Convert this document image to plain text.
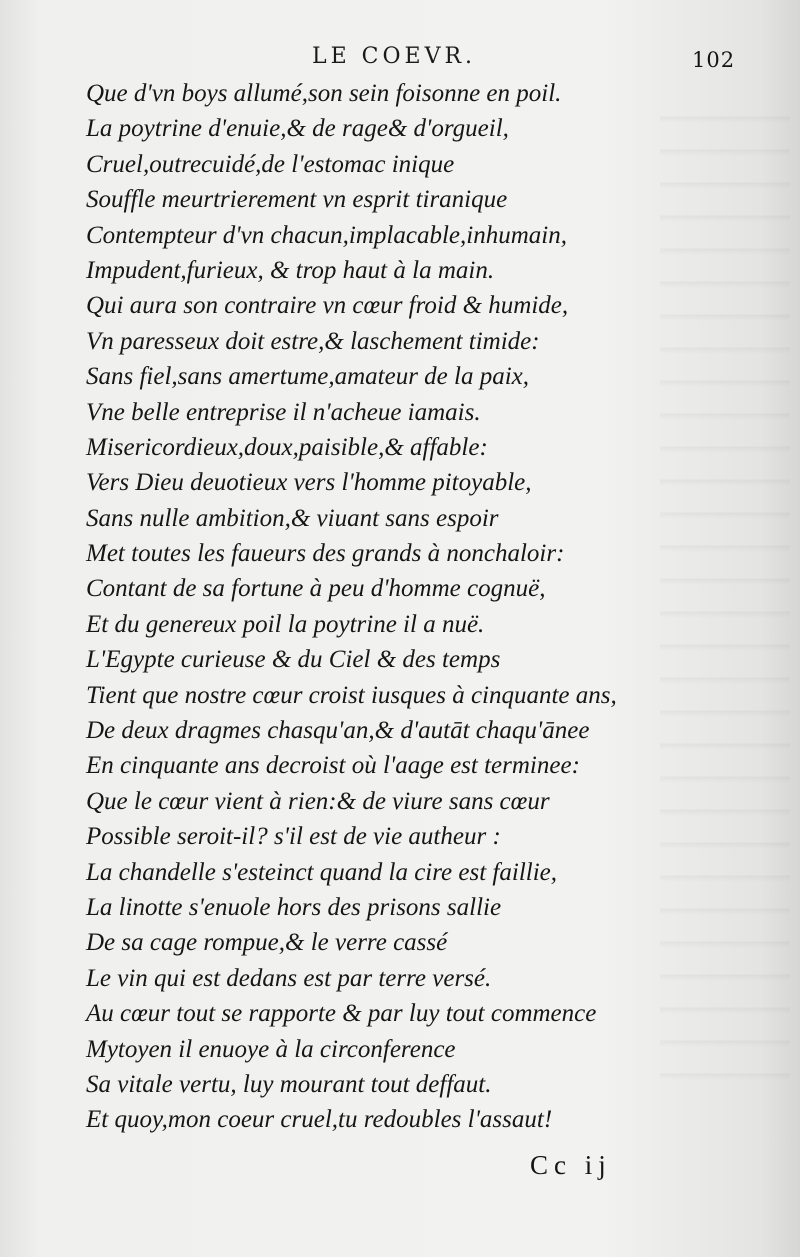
LE COEVR.	102
Que d'vn boys allumé,son sein foisonne en poil.
La poytrine d'enuie,& de rage& d'orgueil,
Cruel,outrecuidé,de l'estomac inique
Souffle meurtrierement vn esprit tiranique
Contempteur d'vn chacun,implacable,inhumain,
Impudent,furieux, & trop haut à la main.
Qui aura son contraire vn cœur froid & humide,
Vn paresseux doit estre,& laschement timide:
Sans fiel,sans amertume,amateur de la paix,
Vne belle entreprise il n'acheue iamais.
Misericordieux,doux,paisible,& affable:
Vers Dieu deuotieux vers l'homme pitoyable,
Sans nulle ambition,& viuant sans espoir
Met toutes les faueurs des grands à nonchaloir:
Contant de sa fortune à peu d'homme cognuë,
Et du genereux poil la poytrine il a nuë.
L'Egypte curieuse & du Ciel & des temps
Tient que nostre cœur croist iusques à cinquante ans,
De deux dragmes chasqu'an,& d'autāt chaqu'ānee
En cinquante ans decroist où l'aage est terminee:
Que le cœur vient à rien:& de viure sans cœur
Possible seroit-il? s'il est de vie autheur :
La chandelle s'esteinct quand la cire est faillie,
La linotte s'enuole hors des prisons sallie
De sa cage rompue,& le verre cassé
Le vin qui est dedans est par terre versé.
Au cœur tout se rapporte & par luy tout commence
Mytoyen il enuoye à la circonference
Sa vitale vertu, luy mourant tout deffaut.
Et quoy,mon coeur cruel,tu redoubles l'assaut!
Cc ij
